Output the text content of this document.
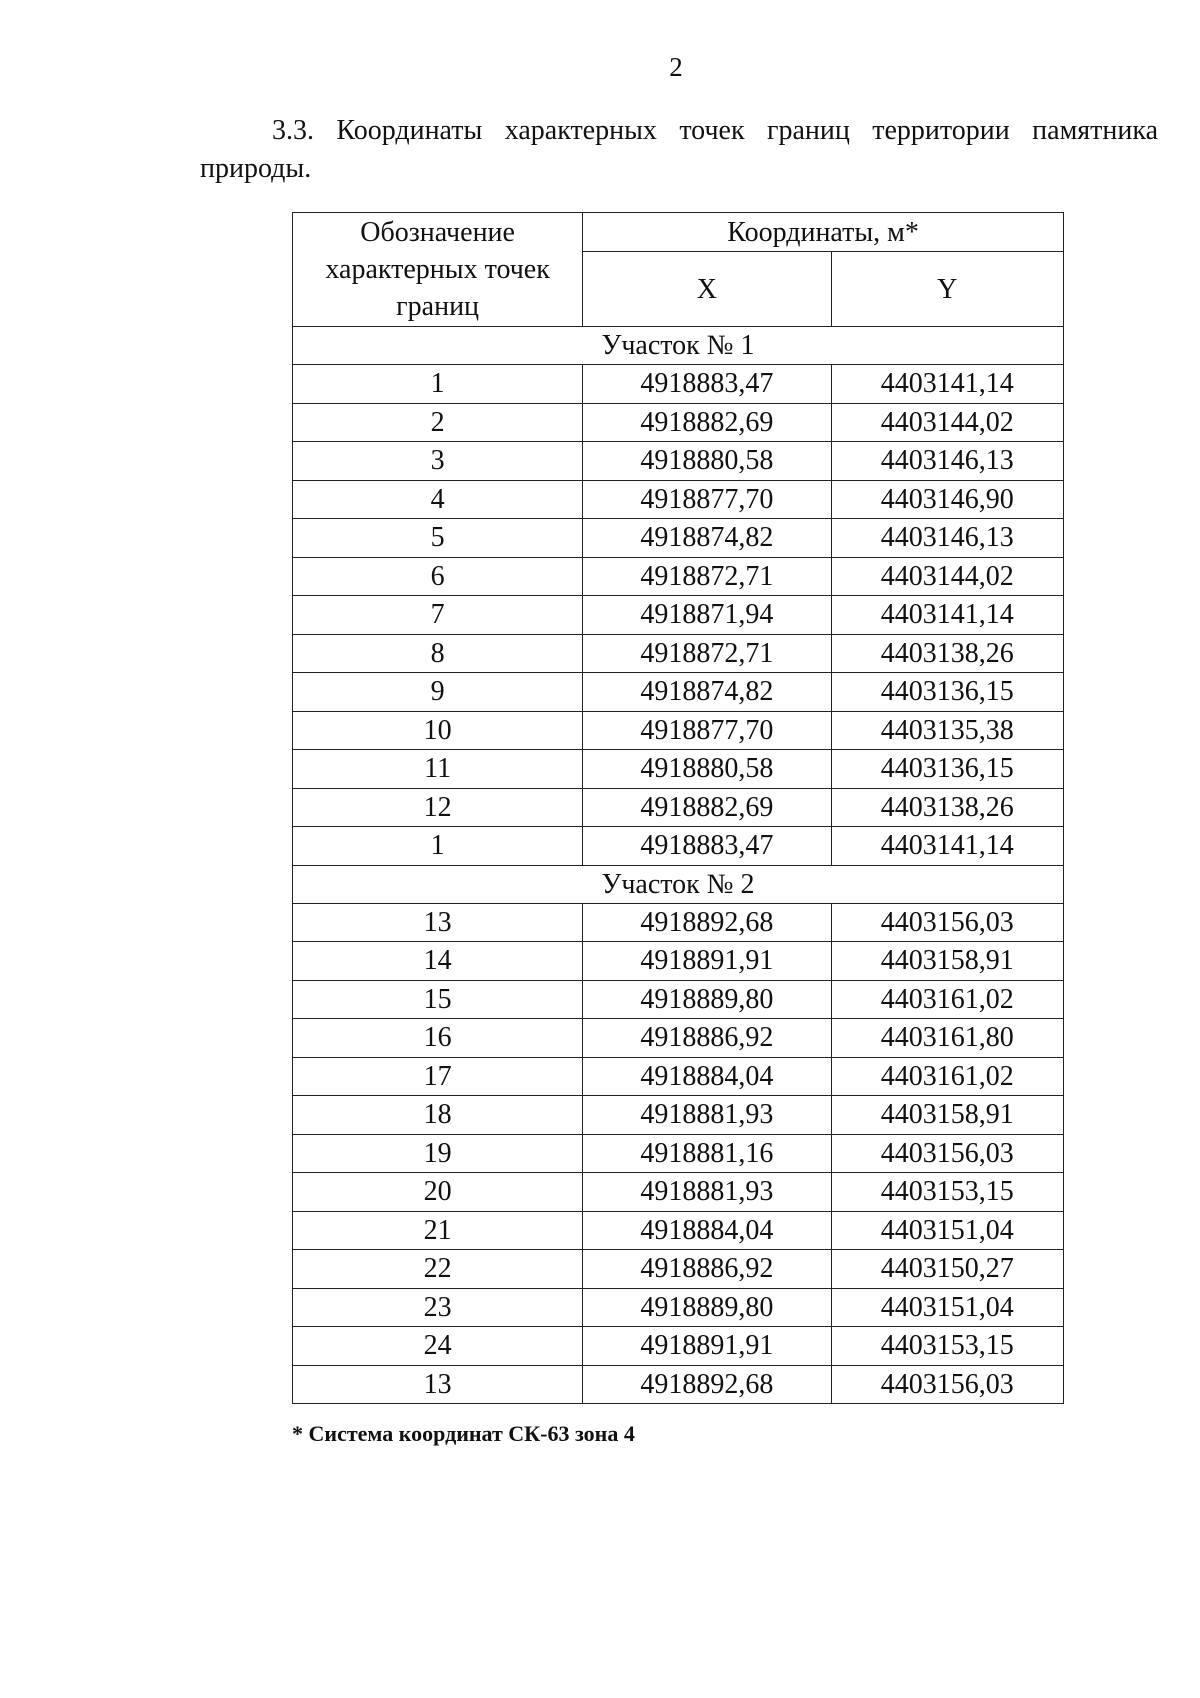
2
3.3. Координаты характерных точек границ территории памятника природы.
Обозначение характерных точек границ	Координаты, м*	
	X	Y
Участок № 1		
1	4918883,47	4403141,14
2	4918882,69	4403144,02
3	4918880,58	4403146,13
4	4918877,70	4403146,90
5	4918874,82	4403146,13
6	4918872,71	4403144,02
7	4918871,94	4403141,14
8	4918872,71	4403138,26
9	4918874,82	4403136,15
10	4918877,70	4403135,38
11	4918880,58	4403136,15
12	4918882,69	4403138,26
1	4918883,47	4403141,14
Участок № 2		
13	4918892,68	4403156,03
14	4918891,91	4403158,91
15	4918889,80	4403161,02
16	4918886,92	4403161,80
17	4918884,04	4403161,02
18	4918881,93	4403158,91
19	4918881,16	4403156,03
20	4918881,93	4403153,15
21	4918884,04	4403151,04
22	4918886,92	4403150,27
23	4918889,80	4403151,04
24	4918891,91	4403153,15
13	4918892,68	4403156,03
* Система координат СК-63 зона 4
